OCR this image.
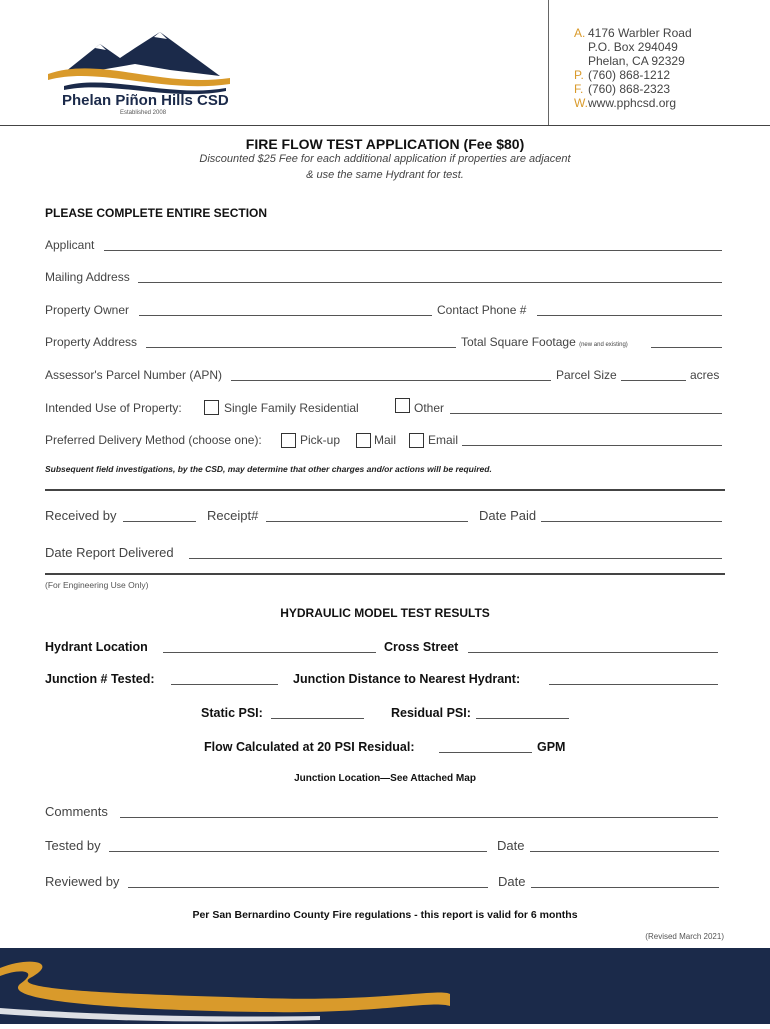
Phelan Piñon Hills CSD
Established 2008
A. 4176 Warbler Road
P.O. Box 294049
Phelan, CA 92329
P. (760) 868-1212
F. (760) 868-2323
W.www.pphcsd.org
FIRE FLOW TEST APPLICATION (Fee $80)
Discounted $25 Fee for each additional application if properties are adjacent
& use the same Hydrant for test.
PLEASE COMPLETE ENTIRE SECTION
Applicant
Mailing Address
Property Owner	Contact Phone #
Property Address	Total Square Footage (new and existing)
Assessor's Parcel Number (APN)	Parcel Size	acres
Intended Use of Property:	Single Family Residential	Other
Preferred Delivery Method (choose one):	Pick-up	Mail	Email
Subsequent field investigations, by the CSD, may determine that other charges and/or actions will be required.
Received by	Receipt#	Date Paid
Date Report Delivered
(For Engineering Use Only)
HYDRAULIC MODEL TEST RESULTS
Hydrant Location	Cross Street
Junction # Tested:	Junction Distance to Nearest Hydrant:
Static PSI:	Residual PSI:
Flow Calculated at 20 PSI Residual:	GPM
Junction Location—See Attached Map
Comments
Tested by	Date
Reviewed by	Date
Per San Bernardino County Fire regulations - this report is valid for 6 months
(Revised March 2021)
